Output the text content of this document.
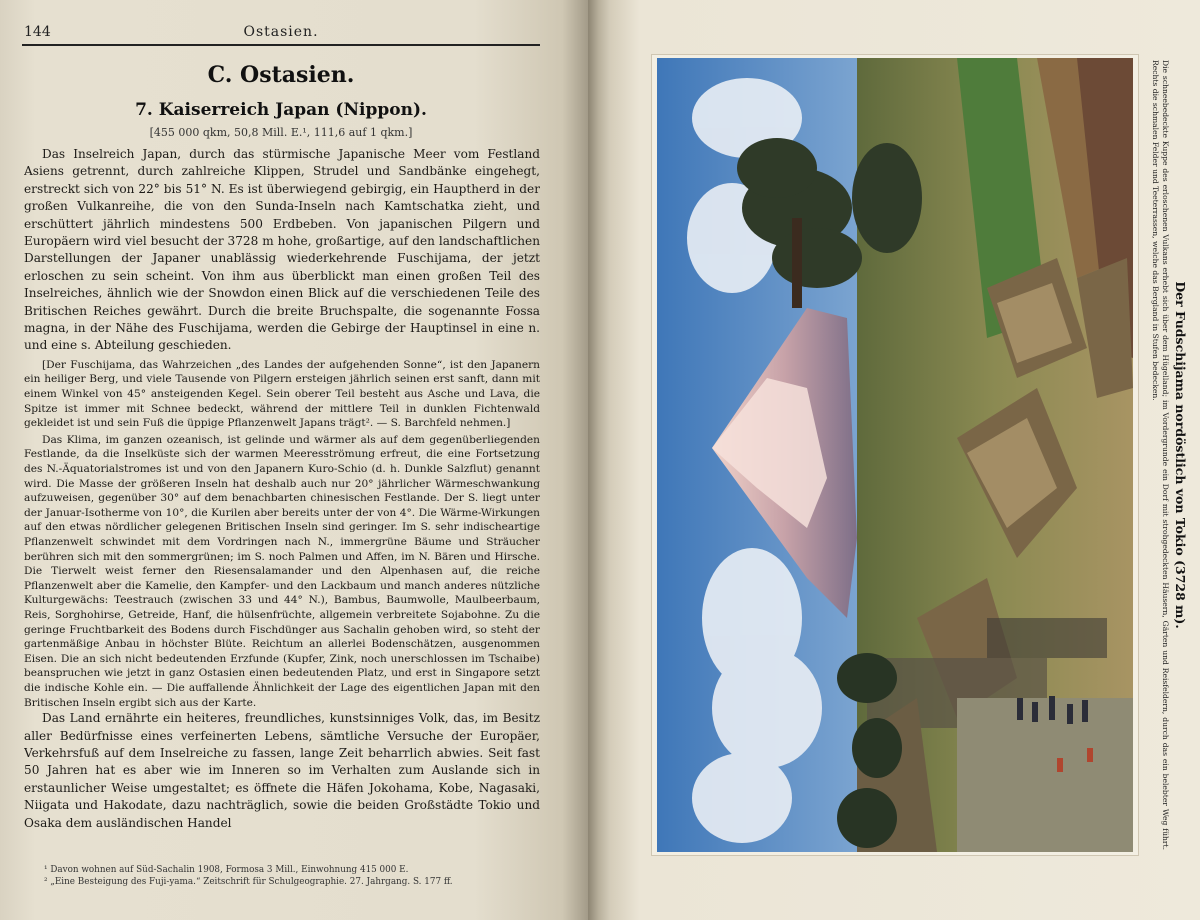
144	Ostasien.
C. Ostasien.
7. Kaiserreich Japan (Nippon).
[455 000 qkm, 50,8 Mill. E.¹, 111,6 auf 1 qkm.]

Das Inselreich Japan, durch das stürmische Japanische Meer vom Festland Asiens getrennt, durch zahlreiche Klippen, Strudel und Sandbänke eingehegt, erstreckt sich von 22° bis 51° N. Es ist überwiegend gebirgig, ein Hauptherd in der großen Vulkanreihe, die von den Sunda-Inseln nach Kamtschatka zieht, und erschüttert jährlich mindestens 500 Erdbeben. Von japanischen Pilgern und Europäern wird viel besucht der 3728 m hohe, großartige, auf den landschaftlichen Darstellungen der Japaner unablässig wiederkehrende Fuschijama, der jetzt erloschen zu sein scheint. Von ihm aus überblickt man einen großen Teil des Inselreiches, ähnlich wie der Snowdon einen Blick auf die verschiedenen Teile des Britischen Reiches gewährt. Durch die breite Bruchspalte, die sogenannte Fossa magna, in der Nähe des Fuschijama, werden die Gebirge der Hauptinsel in eine n. und eine s. Abteilung geschieden.

[Der Fuschijama, das Wahrzeichen „des Landes der aufgehenden Sonne“, ist den Japanern ein heiliger Berg, und viele Tausende von Pilgern ersteigen jährlich seinen erst sanft, dann mit einem Winkel von 45° ansteigenden Kegel. Sein oberer Teil besteht aus Asche und Lava, die Spitze ist immer mit Schnee bedeckt, während der mittlere Teil in dunklen Fichtenwald gekleidet ist und sein Fuß die üppige Pflanzenwelt Japans trägt². — S. Barchfeld nehmen.]

Das Klima, im ganzen ozeanisch, ist gelinde und wärmer als auf dem gegenüberliegenden Festlande, da die Inselküste sich der warmen Meeresströmung erfreut, die eine Fortsetzung des N.-Äquatorialstromes ist und von den Japanern Kuro-Schio (d. h. Dunkle Salzflut) genannt wird. Die Masse der größeren Inseln hat deshalb auch nur 20° jährlicher Wärmeschwankung aufzuweisen, gegenüber 30° auf dem benachbarten chinesischen Festlande. Der S. liegt unter der Januar-Isotherme von 10°, die Kurilen aber bereits unter der von 4°. Die Wärme-Wirkungen auf den etwas nördlicher gelegenen Britischen Inseln sind geringer. Im S. sehr indischeartige Pflanzenwelt schwindet mit dem Vordringen nach N., immergrüne Bäume und Sträucher berühren sich mit den sommergrünen; im S. noch Palmen und Affen, im N. Bären und Hirsche. Die Tierwelt weist ferner den Riesensalamander und den Alpenhasen auf, die reiche Pflanzenwelt aber die Kamelie, den Kampfer- und den Lackbaum und manch anderes nützliche Kulturgewächs: Teestrauch (zwischen 33 und 44° N.), Bambus, Baumwolle, Maulbeerbaum, Reis, Sorghohirse, Getreide, Hanf, die hülsenfrüchte, allgemein verbreitete Sojabohne. Zu die geringe Fruchtbarkeit des Bodens durch Fischdünger aus Sachalin gehoben wird, so steht der gartenmäßige Anbau in höchster Blüte. Reichtum an allerlei Bodenschätzen, ausgenommen Eisen. Die an sich nicht bedeutenden Erzfunde (Kupfer, Zink, noch unerschlossen im Tschaibe) beanspruchen wie jetzt in ganz Ostasien einen bedeutenden Platz, und erst in Singapore setzt die indische Kohle ein. — Die auffallende Ähnlichkeit der Lage des eigentlichen Japan mit den Britischen Inseln ergibt sich aus der Karte.

Das Land ernährte ein heiteres, freundliches, kunstsinniges Volk, das, im Besitz aller Bedürfnisse eines verfeinerten Lebens, sämtliche Versuche der Europäer, Verkehrsfuß auf dem Inselreiche zu fassen, lange Zeit beharrlich abwies. Seit fast 50 Jahren hat es aber wie im Inneren so im Verhalten zum Auslande sich in erstaunlicher Weise umgestaltet; es öffnete die Häfen Jokohama, Kobe, Nagasaki, Niigata und Hakodate, dazu nachträglich, sowie die beiden Großstädte Tokio und Osaka dem ausländischen Handel

¹ Davon wohnen auf Süd-Sachalin 1908, Formosa 3 Mill., Einwohnung 415 000 E.
² „Eine Besteigung des Fuji-yama.“ Zeitschrift für Schulgeographie. 27. Jahrgang. S. 177 ff.
Der Fudschijama nordöstlich von Tokio (3728 m).
Die schneebedeckte Kuppe des erloschenen Vulkans erhebt sich über dem Hügelland; im Vordergrunde ein Dorf mit strohgedeckten Häusern, Gärten und Reisfeldern, durch das ein belebter Weg führt. Rechts die schmalen Felder und Teeterrassen, welche das Bergland in Stufen bedecken.
